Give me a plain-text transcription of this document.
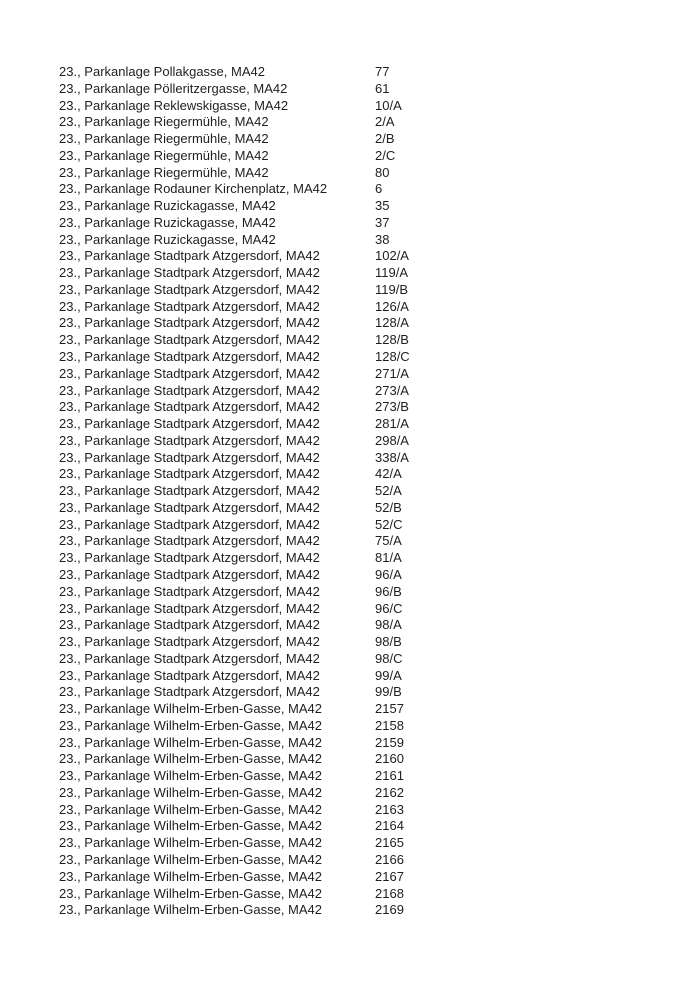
23., Parkanlage Pollakgasse, MA42	77
23., Parkanlage Pölleritzergasse, MA42	61
23., Parkanlage Reklewskigasse, MA42	10/A
23., Parkanlage Riegermühle, MA42	2/A
23., Parkanlage Riegermühle, MA42	2/B
23., Parkanlage Riegermühle, MA42	2/C
23., Parkanlage Riegermühle, MA42	80
23., Parkanlage Rodauner Kirchenplatz, MA42	6
23., Parkanlage Ruzickagasse, MA42	35
23., Parkanlage Ruzickagasse, MA42	37
23., Parkanlage Ruzickagasse, MA42	38
23., Parkanlage Stadtpark Atzgersdorf, MA42	102/A
23., Parkanlage Stadtpark Atzgersdorf, MA42	119/A
23., Parkanlage Stadtpark Atzgersdorf, MA42	119/B
23., Parkanlage Stadtpark Atzgersdorf, MA42	126/A
23., Parkanlage Stadtpark Atzgersdorf, MA42	128/A
23., Parkanlage Stadtpark Atzgersdorf, MA42	128/B
23., Parkanlage Stadtpark Atzgersdorf, MA42	128/C
23., Parkanlage Stadtpark Atzgersdorf, MA42	271/A
23., Parkanlage Stadtpark Atzgersdorf, MA42	273/A
23., Parkanlage Stadtpark Atzgersdorf, MA42	273/B
23., Parkanlage Stadtpark Atzgersdorf, MA42	281/A
23., Parkanlage Stadtpark Atzgersdorf, MA42	298/A
23., Parkanlage Stadtpark Atzgersdorf, MA42	338/A
23., Parkanlage Stadtpark Atzgersdorf, MA42	42/A
23., Parkanlage Stadtpark Atzgersdorf, MA42	52/A
23., Parkanlage Stadtpark Atzgersdorf, MA42	52/B
23., Parkanlage Stadtpark Atzgersdorf, MA42	52/C
23., Parkanlage Stadtpark Atzgersdorf, MA42	75/A
23., Parkanlage Stadtpark Atzgersdorf, MA42	81/A
23., Parkanlage Stadtpark Atzgersdorf, MA42	96/A
23., Parkanlage Stadtpark Atzgersdorf, MA42	96/B
23., Parkanlage Stadtpark Atzgersdorf, MA42	96/C
23., Parkanlage Stadtpark Atzgersdorf, MA42	98/A
23., Parkanlage Stadtpark Atzgersdorf, MA42	98/B
23., Parkanlage Stadtpark Atzgersdorf, MA42	98/C
23., Parkanlage Stadtpark Atzgersdorf, MA42	99/A
23., Parkanlage Stadtpark Atzgersdorf, MA42	99/B
23., Parkanlage Wilhelm-Erben-Gasse, MA42	2157
23., Parkanlage Wilhelm-Erben-Gasse, MA42	2158
23., Parkanlage Wilhelm-Erben-Gasse, MA42	2159
23., Parkanlage Wilhelm-Erben-Gasse, MA42	2160
23., Parkanlage Wilhelm-Erben-Gasse, MA42	2161
23., Parkanlage Wilhelm-Erben-Gasse, MA42	2162
23., Parkanlage Wilhelm-Erben-Gasse, MA42	2163
23., Parkanlage Wilhelm-Erben-Gasse, MA42	2164
23., Parkanlage Wilhelm-Erben-Gasse, MA42	2165
23., Parkanlage Wilhelm-Erben-Gasse, MA42	2166
23., Parkanlage Wilhelm-Erben-Gasse, MA42	2167
23., Parkanlage Wilhelm-Erben-Gasse, MA42	2168
23., Parkanlage Wilhelm-Erben-Gasse, MA42	2169
